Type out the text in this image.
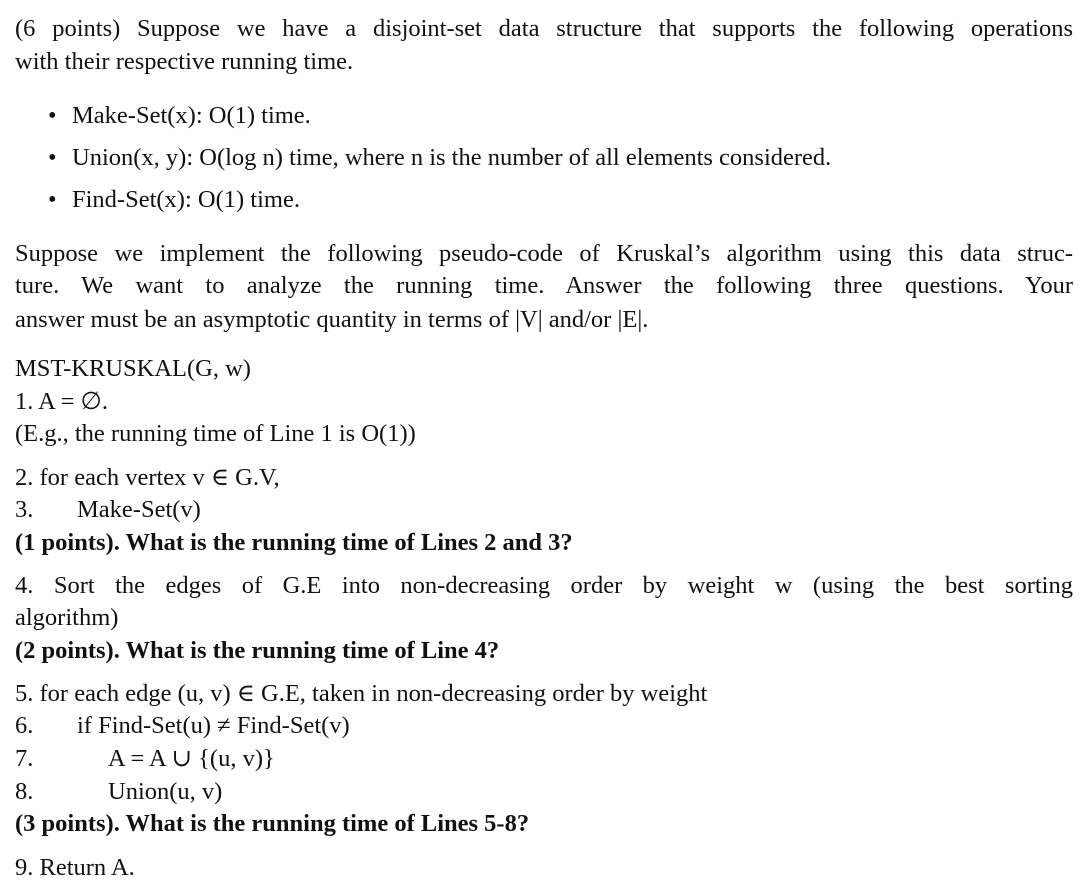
(6 points) Suppose we have a disjoint-set data structure that supports the following operations
with their respective running time.
• Make-Set(x): O(1) time.
• Union(x, y): O(log n) time, where n is the number of all elements considered.
• Find-Set(x): O(1) time.
Suppose we implement the following pseudo-code of Kruskal’s algorithm using this data struc-
ture. We want to analyze the running time. Answer the following three questions. Your
answer must be an asymptotic quantity in terms of |V| and/or |E|.
MST-KRUSKAL(G, w)
1. A = ∅.
(E.g., the running time of Line 1 is O(1))
2. for each vertex v ∈ G.V,
3. Make-Set(v)
(1 points). What is the running time of Lines 2 and 3?
4. Sort the edges of G.E into non-decreasing order by weight w (using the best sorting
algorithm)
(2 points). What is the running time of Line 4?
5. for each edge (u, v) ∈ G.E, taken in non-decreasing order by weight
6. if Find-Set(u) ≠ Find-Set(v)
7.	A = A ∪ {(u, v)}
8.	Union(u, v)
(3 points). What is the running time of Lines 5-8?
9. Return A.
